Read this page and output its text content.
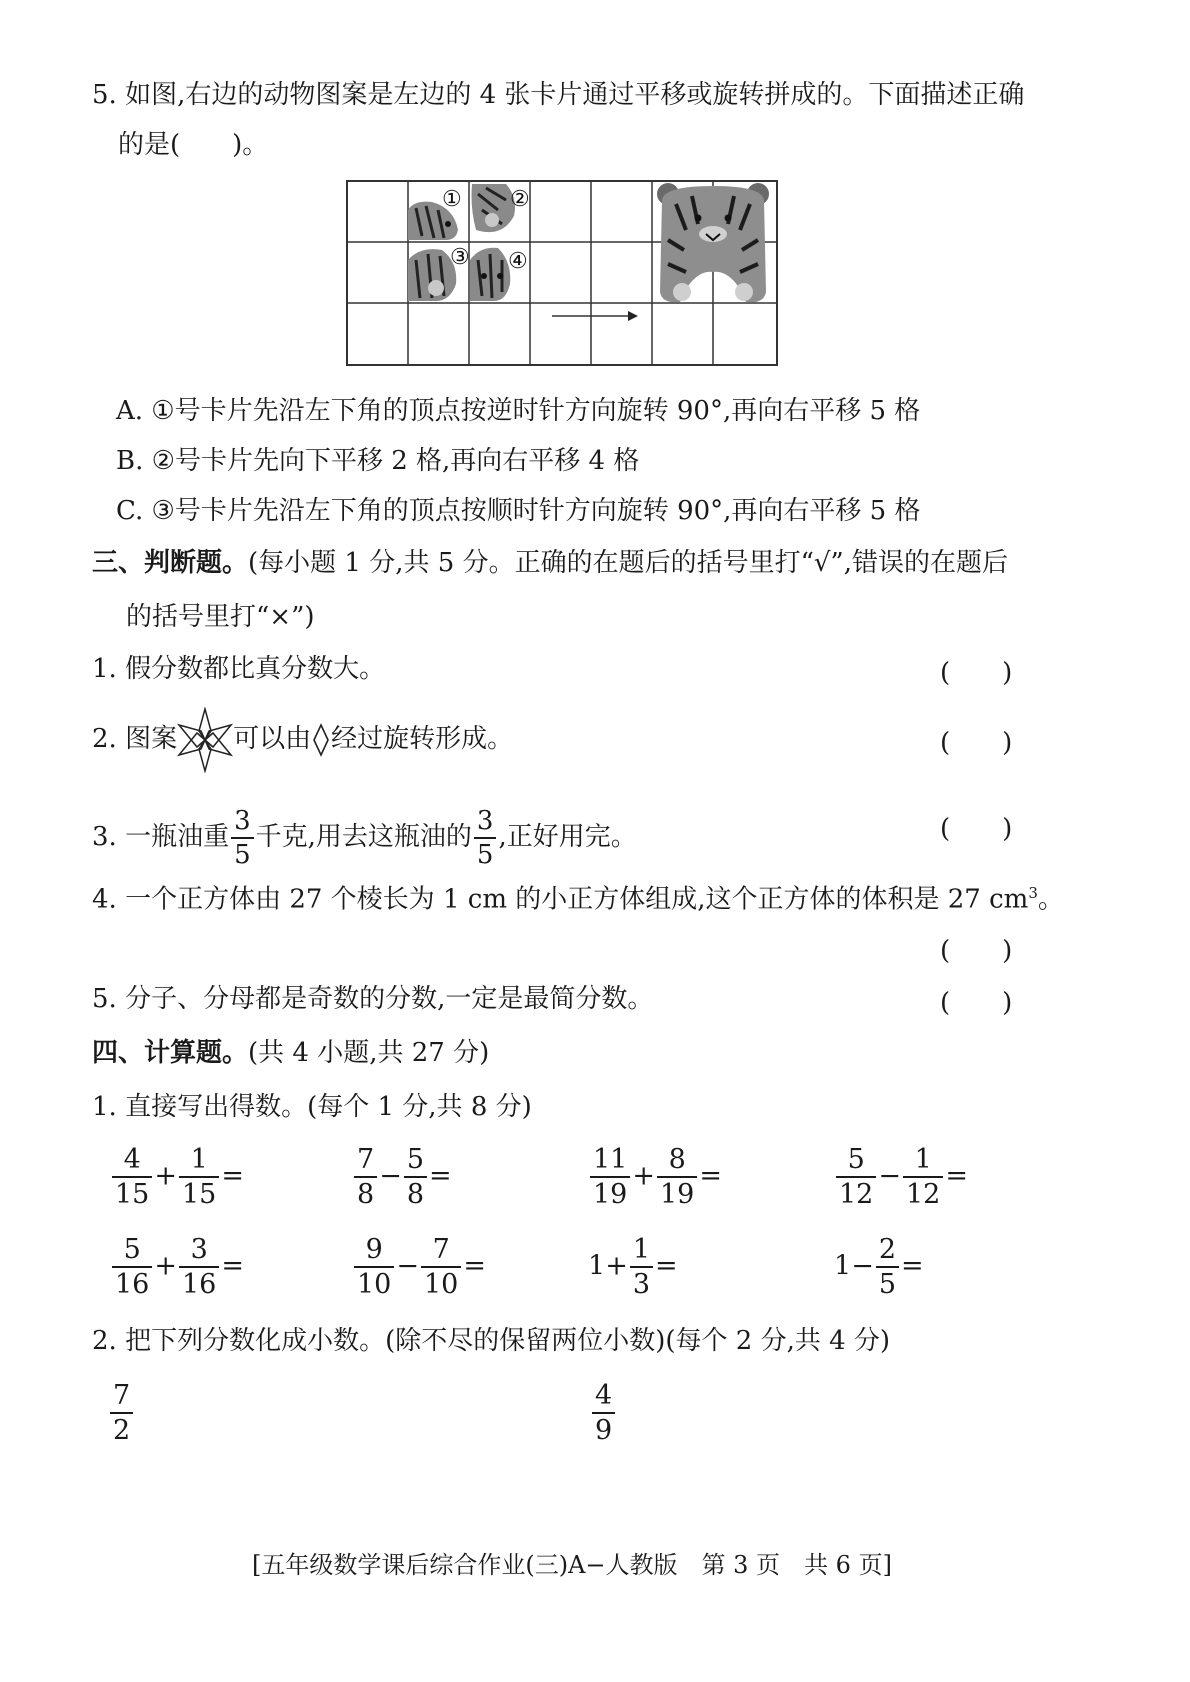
5. 如图,右边的动物图案是左边的 4 张卡片通过平移或旋转拼成的。下面描述正确
的是(　　)。
① ②
③ ④
A. ①号卡片先沿左下角的顶点按逆时针方向旋转 90°,再向右平移 5 格
B. ②号卡片先向下平移 2 格,再向右平移 4 格
C. ③号卡片先沿左下角的顶点按顺时针方向旋转 90°,再向右平移 5 格
三、判断题。(每小题 1 分,共 5 分。正确的在题后的括号里打“√”,错误的在题后
的括号里打“×”)
1. 假分数都比真分数大。	(　　)
2. 图案 可以由 经过旋转形成。	(　　)
3. 一瓶油重 $\frac{3}{5}$ 千克,用去这瓶油的 $\frac{3}{5}$ ,正好用完。	(　　)
4. 一个正方体由 27 个棱长为 1 cm 的小正方体组成,这个正方体的体积是 27 $cm^3$。
(　　)
5. 分子、分母都是奇数的分数,一定是最简分数。	(　　)
四、计算题。(共 4 小题,共 27 分)
1. 直接写出得数。(每个 1 分,共 8 分)
$\frac{4}{15} + \frac{1}{15}$ =	$\frac{7}{8} - \frac{5}{8}$ =	$\frac{11}{19} + \frac{8}{19}$ =	$\frac{5}{12} - \frac{1}{12}$ =
$\frac{5}{16} + \frac{3}{16}$ =	$\frac{9}{10} - \frac{7}{10}$ =	$1+ \frac{1}{3}$ =	$1- \frac{2}{5}$ =
2. 把下列分数化成小数。(除不尽的保留两位小数)(每个 2 分,共 4 分)
$\frac{7}{2}$	$\frac{4}{9}$
[五年级数学课后综合作业(三)A−人教版　第 3 页　共 6 页]
